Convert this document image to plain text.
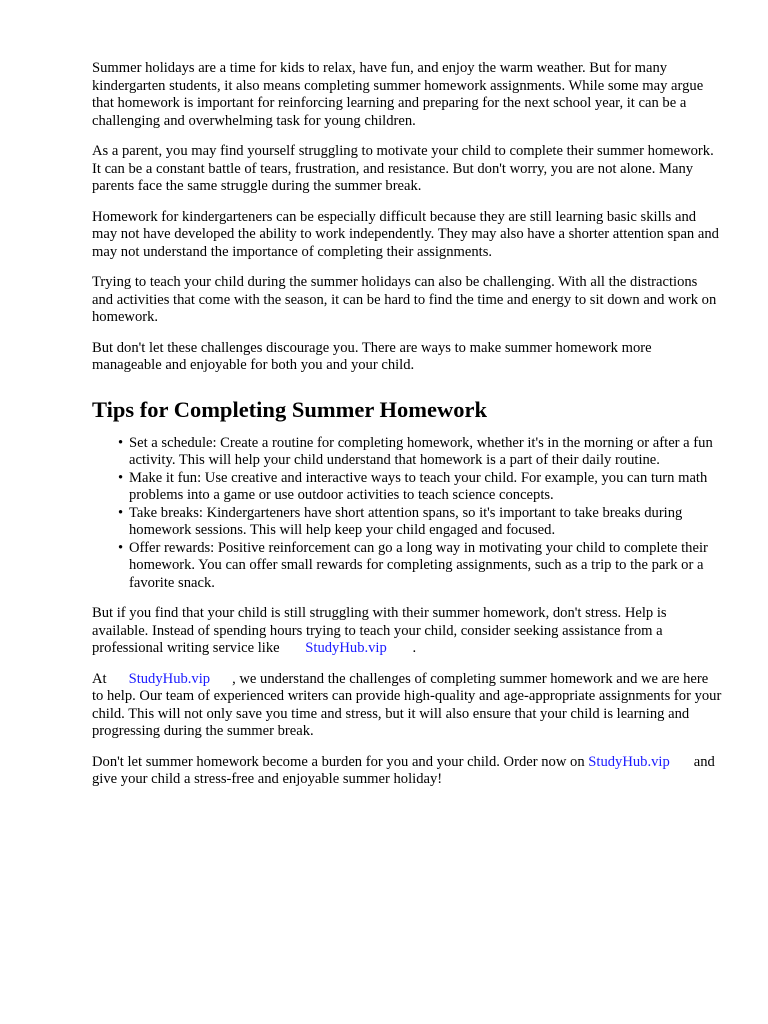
Summer holidays are a time for kids to relax, have fun, and enjoy the warm weather. But for many kindergarten students, it also means completing summer homework assignments. While some may argue that homework is important for reinforcing learning and preparing for the next school year, it can be a challenging and overwhelming task for young children.

As a parent, you may find yourself struggling to motivate your child to complete their summer homework. It can be a constant battle of tears, frustration, and resistance. But don't worry, you are not alone. Many parents face the same struggle during the summer break.

Homework for kindergarteners can be especially difficult because they are still learning basic skills and may not have developed the ability to work independently. They may also have a shorter attention span and may not understand the importance of completing their assignments.

Trying to teach your child during the summer holidays can also be challenging. With all the distractions and activities that come with the season, it can be hard to find the time and energy to sit down and work on homework.

But don't let these challenges discourage you. There are ways to make summer homework more manageable and enjoyable for both you and your child.

Tips for Completing Summer Homework
• Set a schedule: Create a routine for completing homework, whether it's in the morning or after a fun activity. This will help your child understand that homework is a part of their daily routine.
• Make it fun: Use creative and interactive ways to teach your child. For example, you can turn math problems into a game or use outdoor activities to teach science concepts.
• Take breaks: Kindergarteners have short attention spans, so it's important to take breaks during homework sessions. This will help keep your child engaged and focused.
• Offer rewards: Positive reinforcement can go a long way in motivating your child to complete their homework. You can offer small rewards for completing assignments, such as a trip to the park or a favorite snack.

But if you find that your child is still struggling with their summer homework, don't stress. Help is available. Instead of spending hours trying to teach your child, consider seeking assistance from a professional writing service like StudyHub.vip .

At StudyHub.vip , we understand the challenges of completing summer homework and we are here to help. Our team of experienced writers can provide high-quality and age-appropriate assignments for your child. This will not only save you time and stress, but it will also ensure that your child is learning and progressing during the summer break.

Don't let summer homework become a burden for you and your child. Order now on StudyHub.vip and give your child a stress-free and enjoyable summer holiday!
